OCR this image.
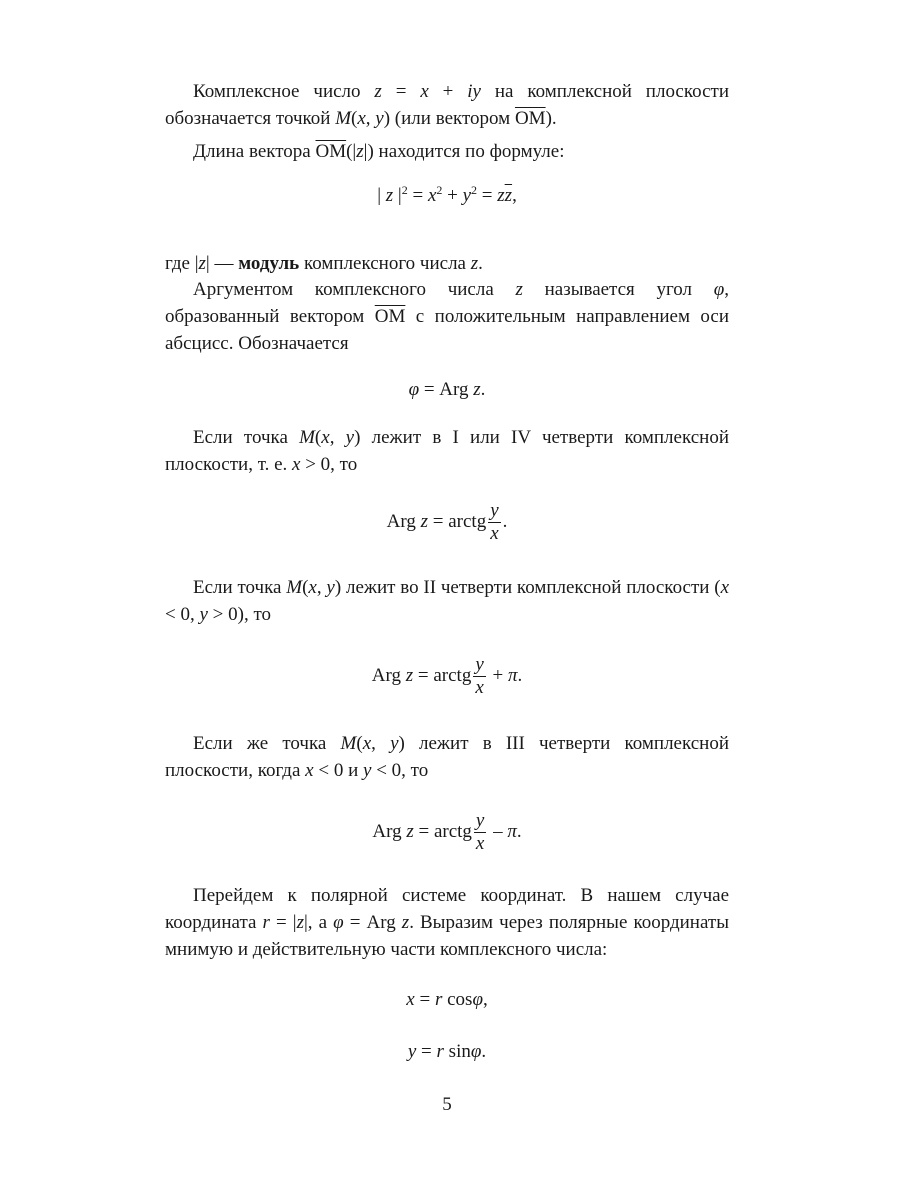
Комплексное число z = x + iy на комплексной плоскости обозначается точкой M(x, y) (или вектором $\overline{OM}$).

Длина вектора $\overline{OM}(|z|)$ находится по формуле:

| z $|^2 = x^2 + y^2 = z\overline{z}$,

где |z| — модуль комплексного числа z.

Аргументом комплексного числа z называется угол φ, образованный вектором $\overline{OM}$ с положительным направлением оси абсцисс. Обозначается

φ = Arg z.

Если точка M(x, y) лежит в I или IV четверти комплексной плоскости, т. е. x > 0, то

Arg z = arctg $\frac{y}{x}$ .

Если точка M(x, y) лежит во II четверти комплексной плоскости (x < 0, y > 0), то

Arg z = arctg $\frac{y}{x} + \pi$.

Если же точка M(x, y) лежит в III четверти комплексной плоскости, когда x < 0 и y < 0, то

Arg z = arctg $\frac{y}{x}$ – π.

Перейдем к полярной системе координат. В нашем случае координата r = |z|, а φ = Arg z. Выразим через полярные координаты мнимую и действительную части комплексного числа:

x = r cosφ,
y = r sinφ.
5
